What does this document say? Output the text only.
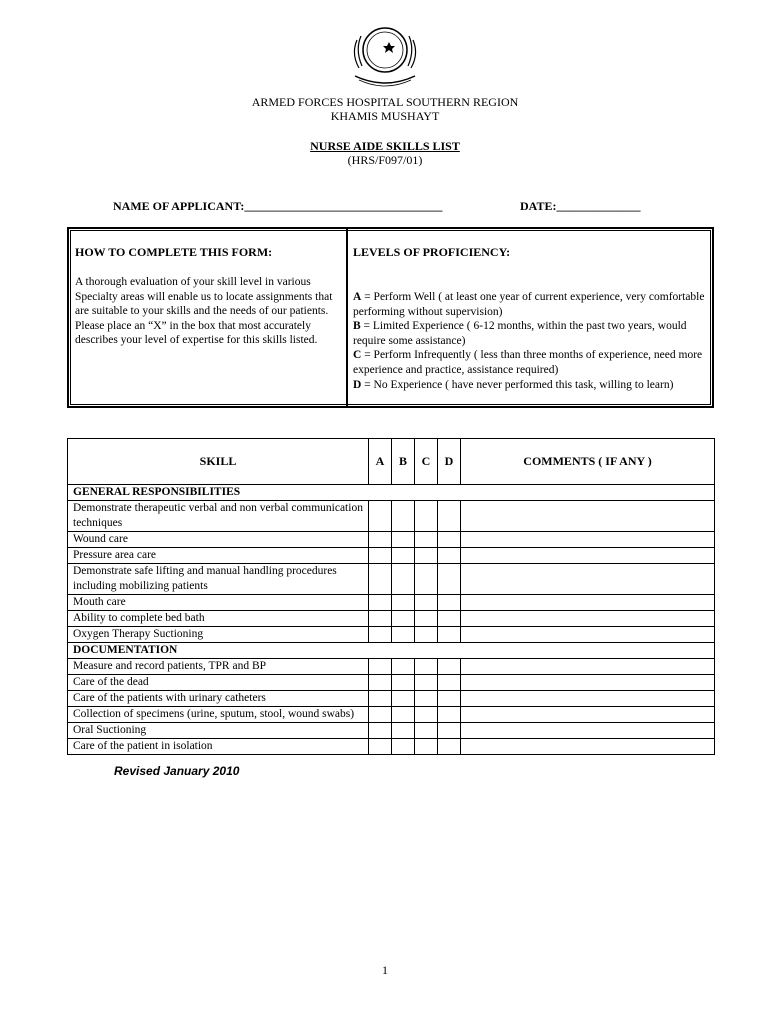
ARMED FORCES HOSPITAL SOUTHERN REGION
KHAMIS MUSHAYT
NURSE AIDE SKILLS LIST
(HRS/F097/01)
NAME OF APPLICANT:_________________________________	DATE:______________
HOW TO COMPLETE THIS FORM:
A thorough evaluation of your skill level in various Specialty areas will enable us to locate assignments that are suitable to your skills and the needs of our patients. Please place an “X” in the box that most accurately describes your level of expertise for this skills listed.
LEVELS OF PROFICIENCY:
A = Perform Well ( at least one year of current experience, very comfortable performing without supervision)
B = Limited Experience ( 6-12 months, within the past two years, would require some assistance)
C = Perform Infrequently ( less than three months of experience, need more experience and practice, assistance required)
D = No Experience ( have never performed this task, willing to learn)
SKILL	A	B	C	D	COMMENTS ( IF ANY )
GENERAL RESPONSIBILITIES					
Demonstrate therapeutic verbal and non verbal communication techniques					
Wound care					
Pressure area care					
Demonstrate safe lifting and manual handling procedures including mobilizing patients					
Mouth care					
Ability to complete bed bath					
Oxygen Therapy Suctioning					
DOCUMENTATION					
Measure and record patients, TPR and BP					
Care of the dead					
Care of the patients with urinary catheters					
Collection of specimens (urine, sputum, stool, wound swabs)					
Oral Suctioning					
Care of the patient in isolation					
Revised January 2010
1
